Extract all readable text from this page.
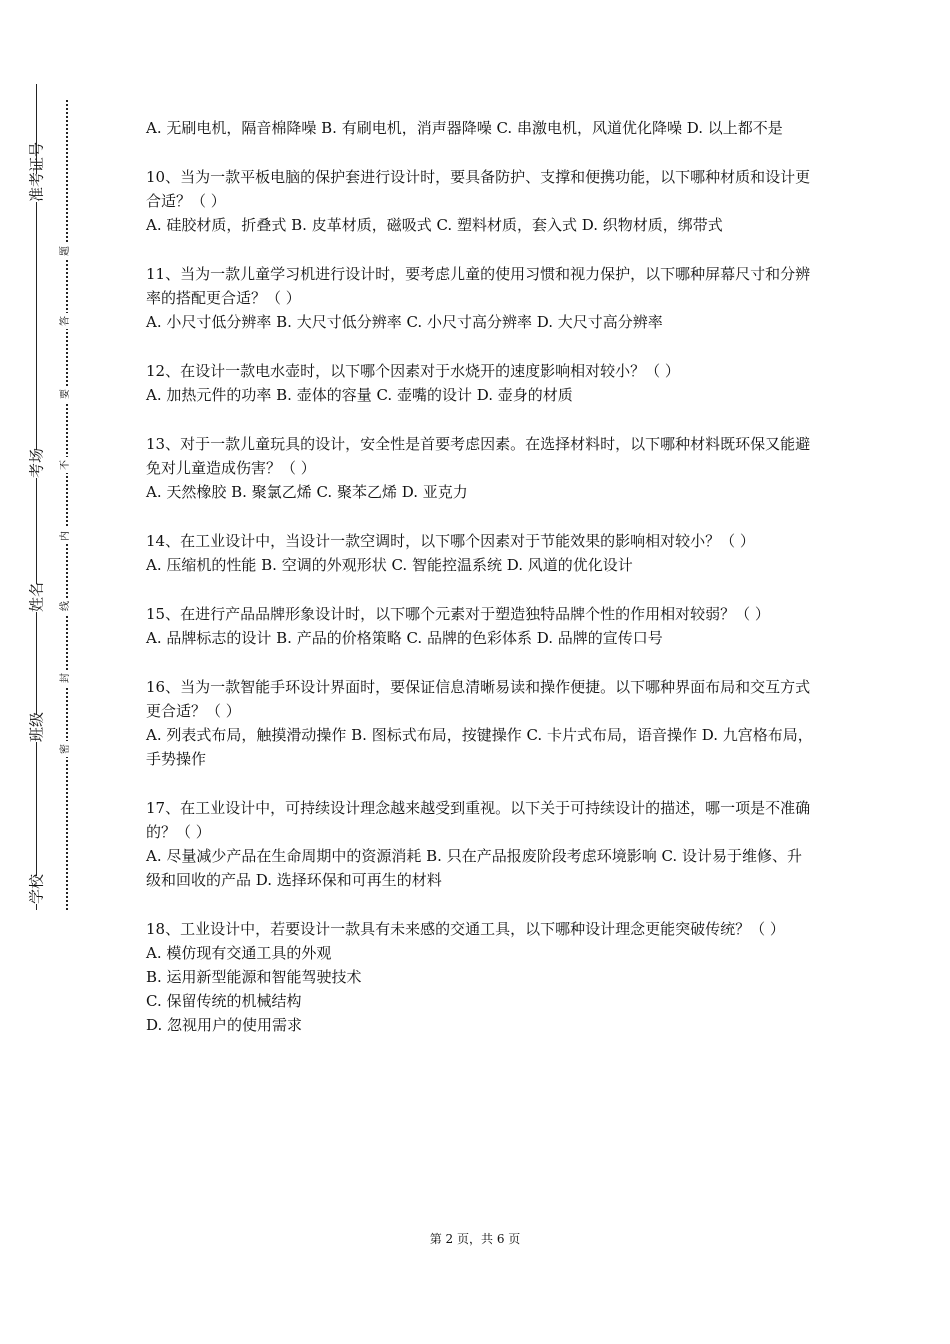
准考证号
考场
姓名
班级
学校
密
封
线
内
不
要
答
题

A. 无刷电机，隔音棉降噪 B. 有刷电机，消声器降噪 C. 串激电机，风道优化降噪 D. 以上都不是

10、当为一款平板电脑的保护套进行设计时，要具备防护、支撑和便携功能，以下哪种材质和设计更合适？（ ）

A. 硅胶材质，折叠式 B. 皮革材质，磁吸式 C. 塑料材质，套入式 D. 织物材质，绑带式

11、当为一款儿童学习机进行设计时，要考虑儿童的使用习惯和视力保护，以下哪种屏幕尺寸和分辨率的搭配更合适？（ ）

A. 小尺寸低分辨率 B. 大尺寸低分辨率 C. 小尺寸高分辨率 D. 大尺寸高分辨率

12、在设计一款电水壶时，以下哪个因素对于水烧开的速度影响相对较小？（ ）

A. 加热元件的功率 B. 壶体的容量 C. 壶嘴的设计 D. 壶身的材质

13、对于一款儿童玩具的设计，安全性是首要考虑因素。在选择材料时，以下哪种材料既环保又能避免对儿童造成伤害？（ ）

A. 天然橡胶 B. 聚氯乙烯 C. 聚苯乙烯 D. 亚克力

14、在工业设计中，当设计一款空调时，以下哪个因素对于节能效果的影响相对较小？（ ）

A. 压缩机的性能 B. 空调的外观形状 C. 智能控温系统 D. 风道的优化设计

15、在进行产品品牌形象设计时，以下哪个元素对于塑造独特品牌个性的作用相对较弱？（ ）

A. 品牌标志的设计 B. 产品的价格策略 C. 品牌的色彩体系 D. 品牌的宣传口号

16、当为一款智能手环设计界面时，要保证信息清晰易读和操作便捷。以下哪种界面布局和交互方式更合适？（ ）

A. 列表式布局，触摸滑动操作 B. 图标式布局，按键操作 C. 卡片式布局，语音操作 D. 九宫格布局，手势操作

17、在工业设计中，可持续设计理念越来越受到重视。以下关于可持续设计的描述，哪一项是不准确的？（ ）

A. 尽量减少产品在生命周期中的资源消耗 B. 只在产品报废阶段考虑环境影响 C. 设计易于维修、升级和回收的产品 D. 选择环保和可再生的材料

18、工业设计中，若要设计一款具有未来感的交通工具，以下哪种设计理念更能突破传统？（ ）

A. 模仿现有交通工具的外观

B. 运用新型能源和智能驾驶技术

C. 保留传统的机械结构

D. 忽视用户的使用需求

第 2 页，共 6 页
